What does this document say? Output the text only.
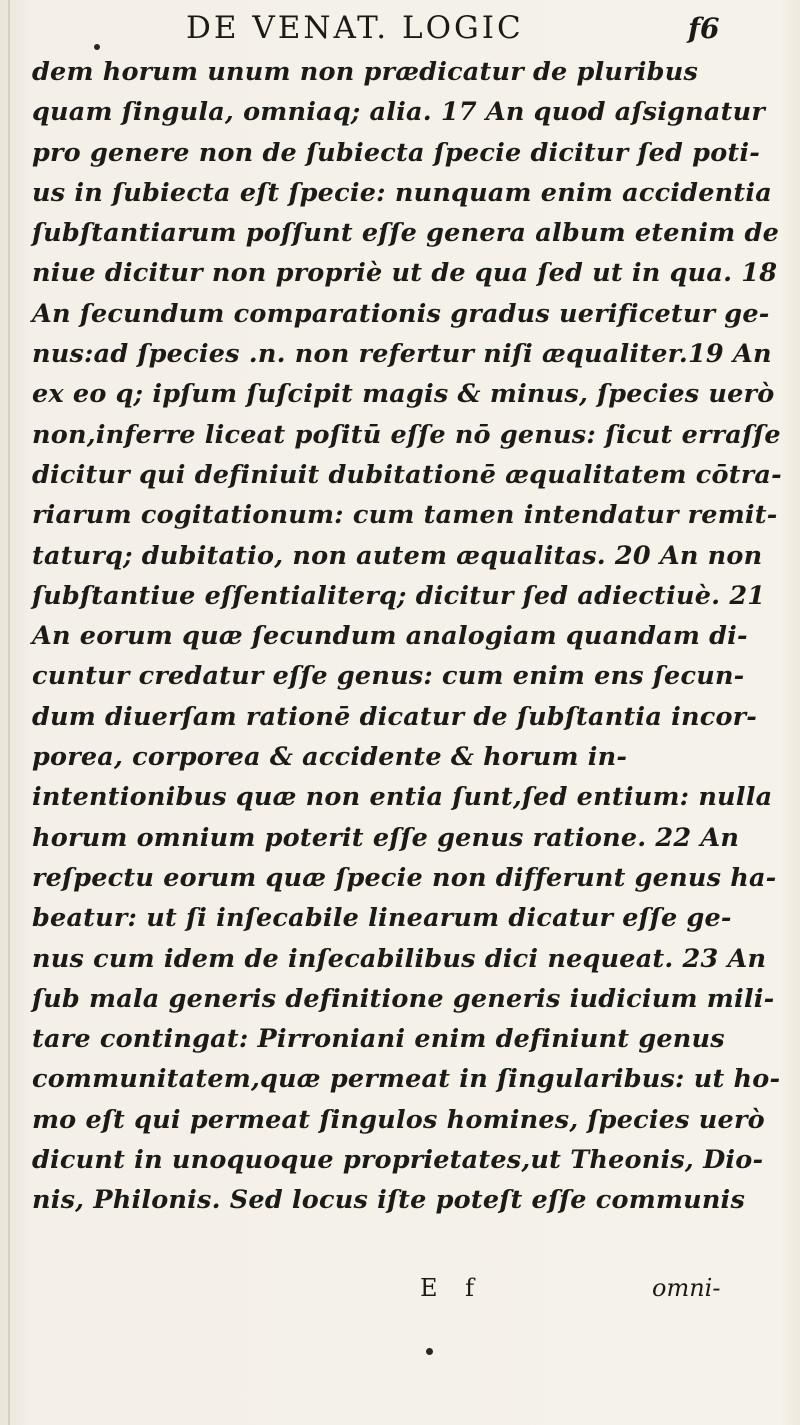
DE VENAT. LOGIC	f6
dem horum unum non prædicatur de pluribus
quam ſingula, omniaq; alia. 17 An quod aſsignatur
pro genere non de ſubiecta ſpecie dicitur ſed poti-
us in ſubiecta eſt ſpecie: nunquam enim accidentia
ſubſtantiarum poſſunt eſſe genera album etenim de
niue dicitur non propriè ut de qua ſed ut in qua. 18
An ſecundum comparationis gradus uerificetur ge-
nus:ad ſpecies .n. non refertur niſi æqualiter.19 An
ex eo q; ipſum ſuſcipit magis & minus, ſpecies uerò
non,inferre liceat poſitū eſſe nō genus: ſicut erraſſe
dicitur qui definiuit dubitationē æqualitatem cōtra-
riarum cogitationum: cum tamen intendatur remit-
taturq; dubitatio, non autem æqualitas. 20 An non
ſubſtantiue eſſentialiterq; dicitur ſed adiectiuè. 21
An eorum quæ ſecundum analogiam quandam di-
cuntur credatur eſſe genus: cum enim ens ſecun-
dum diuerſam rationē dicatur de ſubſtantia incor-
porea, corporea & accidente & horum in-
intentionibus quæ non entia ſunt,ſed entium: nulla
horum omnium poterit eſſe genus ratione. 22 An
reſpectu eorum quæ ſpecie non differunt genus ha-
beatur: ut ſi inſecabile linearum dicatur eſſe ge-
nus cum idem de inſecabilibus dici nequeat. 23 An
ſub mala generis definitione generis iudicium mili-
tare contingat: Pirroniani enim definiunt genus
communitatem,quæ permeat in ſingularibus: ut ho-
mo eſt qui permeat ſingulos homines, ſpecies uerò
dicunt in unoquoque proprietates,ut Theonis, Dio-
nis, Philonis. Sed locus iſte poteſt eſſe communis
E f	omni-
